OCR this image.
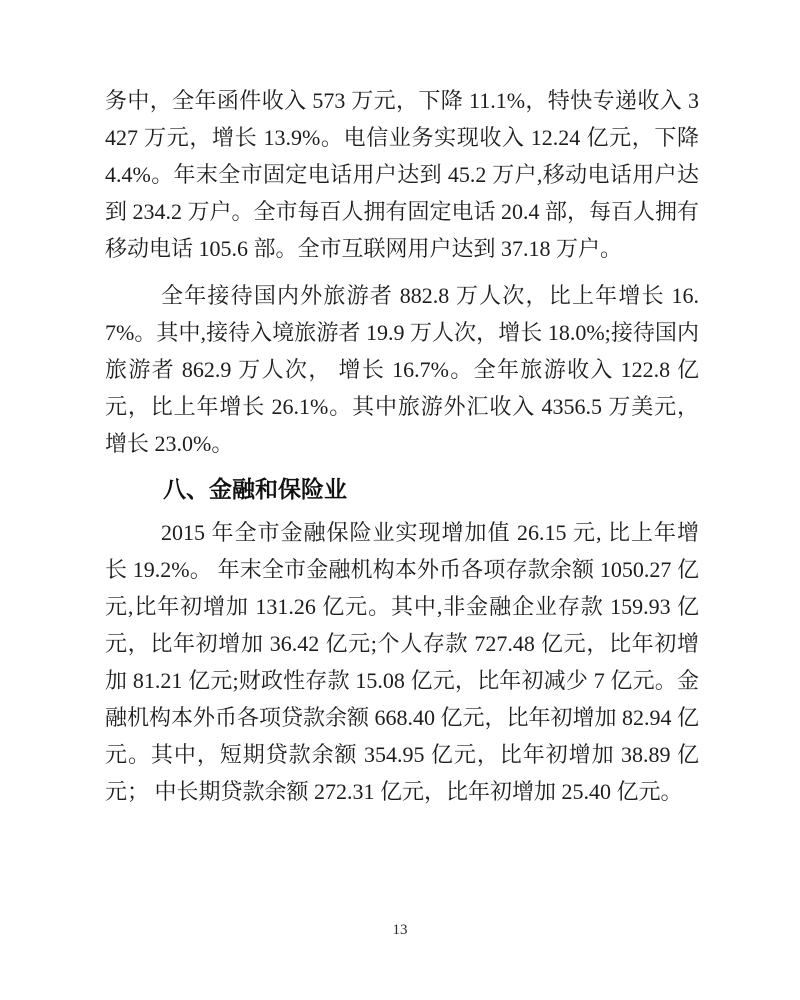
务中，全年函件收入 573 万元，下降 11.1%，特快专递收入 3427 万元，增长 13.9%。电信业务实现收入 12.24 亿元，下降 4.4%。年末全市固定电话用户达到 45.2 万户,移动电话用户达到 234.2 万户。全市每百人拥有固定电话 20.4 部，每百人拥有移动电话 105.6 部。全市互联网用户达到 37.18 万户。

全年接待国内外旅游者 882.8 万人次，比上年增长 16.7%。其中,接待入境旅游者 19.9 万人次，增长 18.0%;接待国内旅游者 862.9 万人次， 增长 16.7%。全年旅游收入 122.8 亿元，比上年增长 26.1%。其中旅游外汇收入 4356.5 万美元，增长 23.0%。

八、金融和保险业

2015 年全市金融保险业实现增加值 26.15 元, 比上年增长 19.2%。 年末全市金融机构本外币各项存款余额 1050.27 亿元,比年初增加 131.26 亿元。其中,非金融企业存款 159.93 亿元，比年初增加 36.42 亿元;个人存款 727.48 亿元，比年初增加 81.21 亿元;财政性存款 15.08 亿元，比年初减少 7 亿元。金融机构本外币各项贷款余额 668.40 亿元，比年初增加 82.94 亿元。其中，短期贷款余额 354.95 亿元，比年初增加 38.89 亿元； 中长期贷款余额 272.31 亿元，比年初增加 25.40 亿元。

13
